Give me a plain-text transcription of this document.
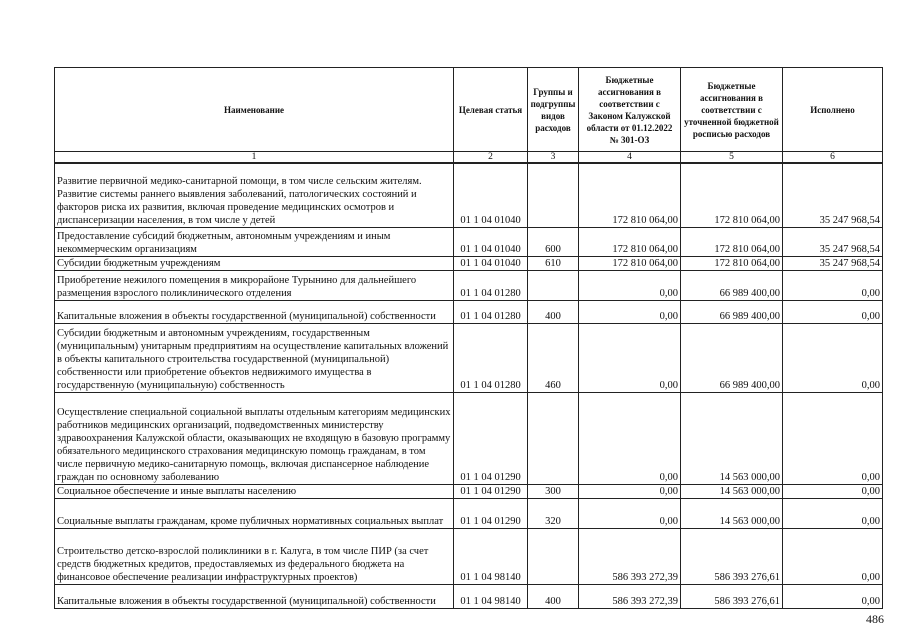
Наименование	Целевая статья	Группы и подгруппы видов расходов	Бюджетные ассигнования в соответствии с Законом Калужской области от 01.12.2022 № 301-ОЗ	Бюджетные ассигнования в соответствии с уточненной бюджетной росписью расходов	Исполнено
1	2	3	4	5	6
Развитие первичной медико-санитарной помощи, в том числе сельским жителям. Развитие системы раннего выявления заболеваний, патологических состояний и факторов риска их развития, включая проведение медицинских осмотров и диспансеризации населения, в том числе у детей	01 1 04 01040		172 810 064,00	172 810 064,00	35 247 968,54
Предоставление субсидий бюджетным, автономным учреждениям и иным некоммерческим организациям	01 1 04 01040	600	172 810 064,00	172 810 064,00	35 247 968,54
Субсидии бюджетным учреждениям	01 1 04 01040	610	172 810 064,00	172 810 064,00	35 247 968,54
Приобретение нежилого помещения в микрорайоне Турынино для дальнейшего размещения взрослого поликлинического отделения	01 1 04 01280		0,00	66 989 400,00	0,00
Капитальные вложения в объекты государственной (муниципальной) собственности	01 1 04 01280	400	0,00	66 989 400,00	0,00
Субсидии бюджетным и автономным учреждениям, государственным (муниципальным) унитарным предприятиям на осуществление капитальных вложений в объекты капитального строительства государственной (муниципальной) собственности или приобретение объектов недвижимого имущества в государственную (муниципальную) собственность	01 1 04 01280	460	0,00	66 989 400,00	0,00
Осуществление специальной социальной выплаты отдельным категориям медицинских работников медицинских организаций, подведомственных министерству здравоохранения Калужской области, оказывающих не входящую в базовую программу обязательного медицинского страхования медицинскую помощь гражданам, в том числе первичную медико-санитарную помощь, включая диспансерное наблюдение граждан по основному заболеванию	01 1 04 01290		0,00	14 563 000,00	0,00
Социальное обеспечение и иные выплаты населению	01 1 04 01290	300	0,00	14 563 000,00	0,00
Социальные выплаты гражданам, кроме публичных нормативных социальных выплат	01 1 04 01290	320	0,00	14 563 000,00	0,00
Строительство детско-взрослой поликлиники в г. Калуга, в том числе ПИР (за счет средств бюджетных кредитов, предоставляемых из федерального бюджета на финансовое обеспечение реализации инфраструктурных проектов)	01 1 04 98140		586 393 272,39	586 393 276,61	0,00
Капитальные вложения в объекты государственной (муниципальной) собственности	01 1 04 98140	400	586 393 272,39	586 393 276,61	0,00
486
